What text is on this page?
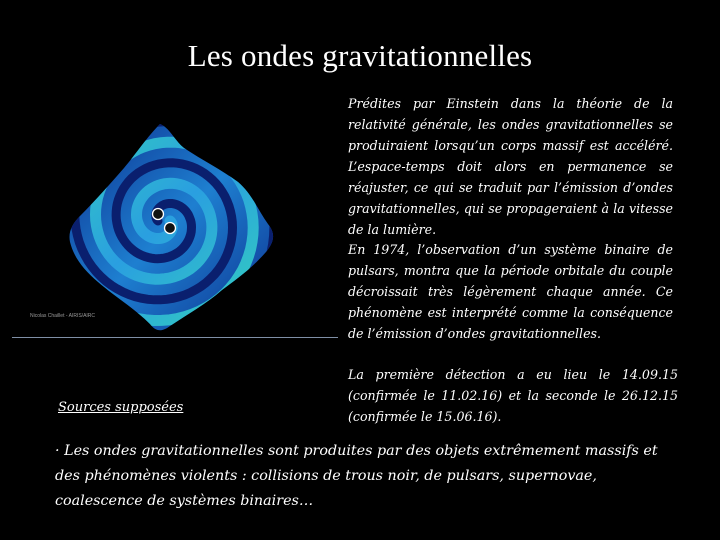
Les ondes gravitationnelles
Nicolas Chaillet - AIRIS/AIRC

Prédites par Einstein dans la théorie de la relativité générale, les ondes gravitationnelles se produiraient lorsqu’un corps massif est accéléré. L’espace-temps doit alors en permanence se réajuster, ce qui se traduit par l’émission d’ondes gravitationnelles, qui se propageraient à la vitesse de la lumière.

En 1974, l’observation d’un système binaire de pulsars, montra que la période orbitale du couple décroissait très légèrement chaque année. Ce phénomène est interprété comme la conséquence de l’émission d’ondes gravitationnelles.

La première détection a eu lieu le 14.09.15 (confirmée le 11.02.16) et la seconde le 26.12.15 (confirmée le 15.06.16).

Sources supposées

· Les ondes gravitationnelles sont produites par des objets extrêmement massifs et des phénomènes violents : collisions de trous noir, de pulsars, supernovae, coalescence de systèmes binaires…
